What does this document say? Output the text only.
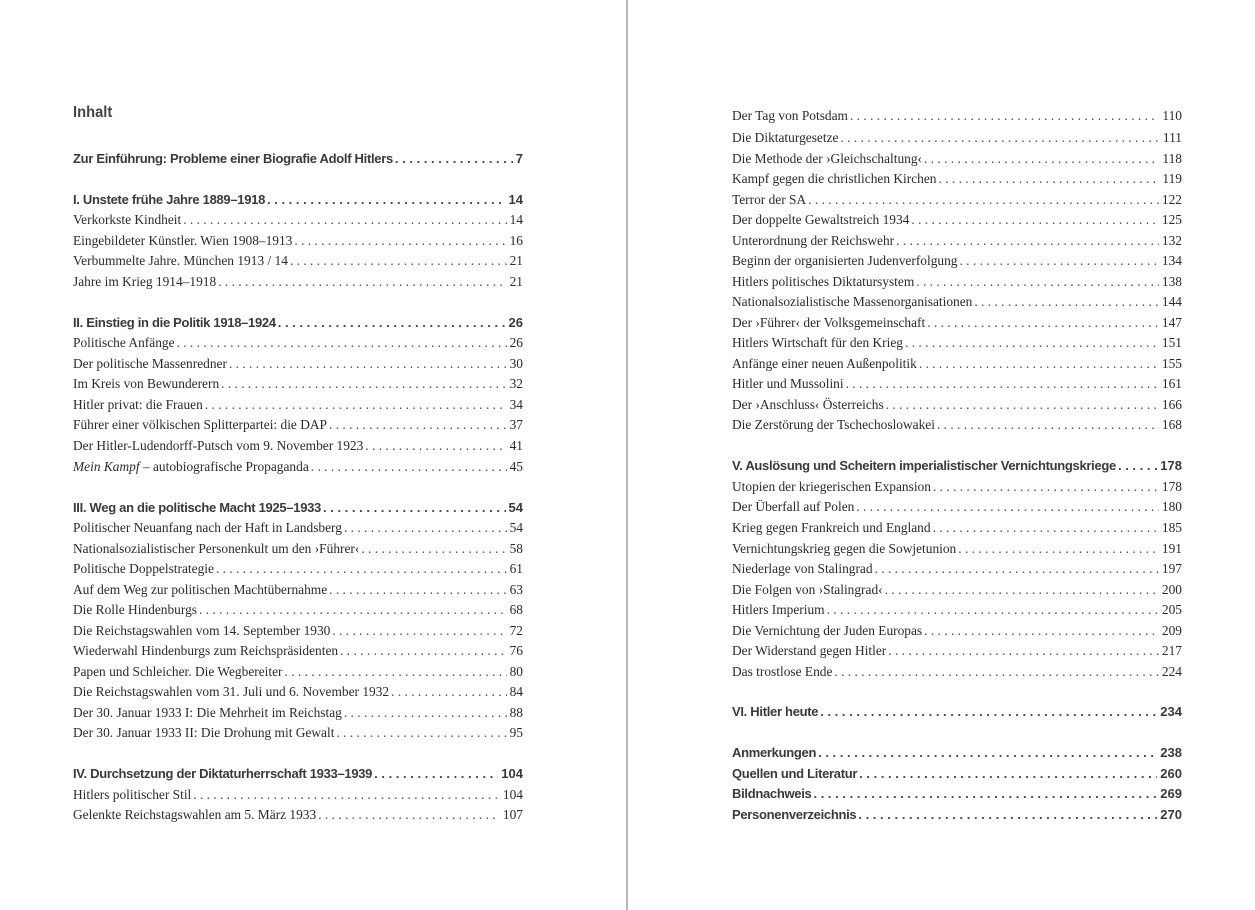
Inhalt
Zur Einführung: Probleme einer Biografie Adolf Hitlers . . .	7
I. Unstete frühe Jahre 1889–1918 . . .	14
Verkorkste Kindheit . . .	14
Eingebildeter Künstler. Wien 1908–1913 . . .	16
Verbummelte Jahre. München 1913 / 14 . . .	21
Jahre im Krieg 1914–1918 . . .	21
II. Einstieg in die Politik 1918–1924 . . .	26
Politische Anfänge . . .	26
Der politische Massenredner . . .	30
Im Kreis von Bewunderern . . .	32
Hitler privat: die Frauen . . .	34
Führer einer völkischen Splitterpartei: die DAP . . .	37
Der Hitler-Ludendorff-Putsch vom 9. November 1923 . . .	41
Mein Kampf – autobiografische Propaganda . . .	45
III. Weg an die politische Macht 1925–1933 . . .	54
Politischer Neuanfang nach der Haft in Landsberg . . .	54
Nationalsozialistischer Personenkult um den ›Führer‹ . . .	58
Politische Doppelstrategie . . .	61
Auf dem Weg zur politischen Machtübernahme . . .	63
Die Rolle Hindenburgs . . .	68
Die Reichstagswahlen vom 14. September 1930 . . .	72
Wiederwahl Hindenburgs zum Reichspräsidenten . . .	76
Papen und Schleicher. Die Wegbereiter . . .	80
Die Reichstagswahlen vom 31. Juli und 6. November 1932 . . .	84
Der 30. Januar 1933 I: Die Mehrheit im Reichstag . . .	88
Der 30. Januar 1933 II: Die Drohung mit Gewalt . . .	95
IV. Durchsetzung der Diktaturherrschaft 1933–1939 . . .	104
Hitlers politischer Stil . . .	104
Gelenkte Reichstagswahlen am 5. März 1933 . . .	107
Der Tag von Potsdam . . .	110
Die Diktaturgesetze . . .	111
Die Methode der ›Gleichschaltung‹ . . .	118
Kampf gegen die christlichen Kirchen . . .	119
Terror der SA . . .	122
Der doppelte Gewaltstreich 1934 . . .	125
Unterordnung der Reichswehr . . .	132
Beginn der organisierten Judenverfolgung . . .	134
Hitlers politisches Diktatursystem . . .	138
Nationalsozialistische Massenorganisationen . . .	144
Der ›Führer‹ der Volksgemeinschaft . . .	147
Hitlers Wirtschaft für den Krieg . . .	151
Anfänge einer neuen Außenpolitik . . .	155
Hitler und Mussolini . . .	161
Der ›Anschluss‹ Österreichs . . .	166
Die Zerstörung der Tschechoslowakei . . .	168
V. Auslösung und Scheitern imperialistischer Vernichtungskriege . . .	178
Utopien der kriegerischen Expansion . . .	178
Der Überfall auf Polen . . .	180
Krieg gegen Frankreich und England . . .	185
Vernichtungskrieg gegen die Sowjetunion . . .	191
Niederlage von Stalingrad . . .	197
Die Folgen von ›Stalingrad‹ . . .	200
Hitlers Imperium . . .	205
Die Vernichtung der Juden Europas . . .	209
Der Widerstand gegen Hitler . . .	217
Das trostlose Ende . . .	224
VI. Hitler heute . . .	234
Anmerkungen . . .	238
Quellen und Literatur . . .	260
Bildnachweis . . .	269
Personenverzeichnis . . .	270
